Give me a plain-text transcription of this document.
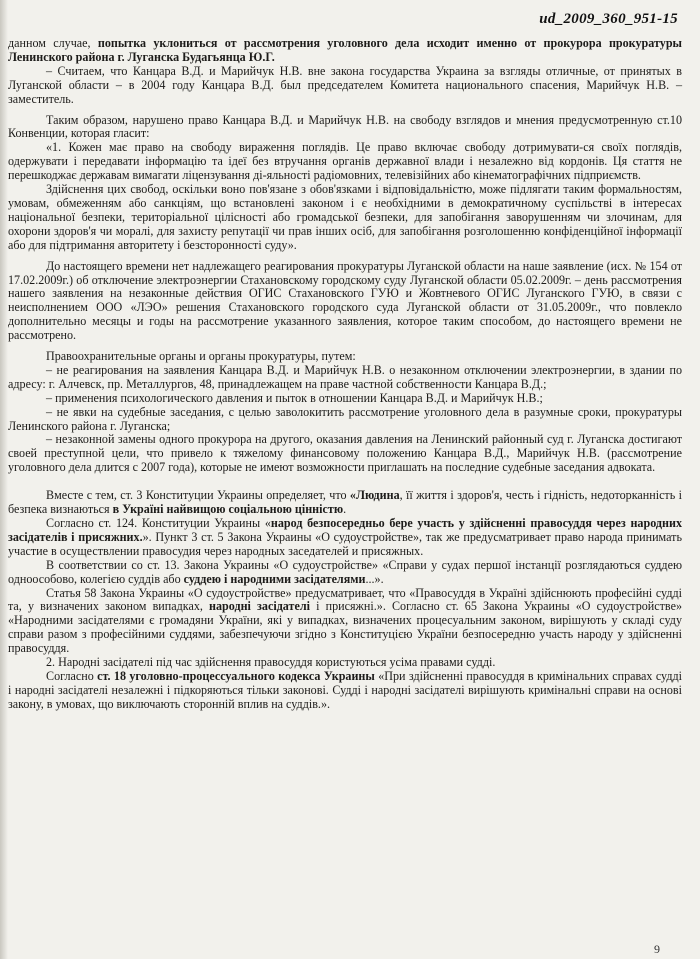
ud_2009_360_951-15

данном случае, попытка уклониться от рассмотрения уголовного дела исходит именно от прокурора прокуратуры Ленинского района г. Луганска Будагьянца Ю.Г.

– Считаем, что Канцара В.Д. и Марийчук Н.В. вне закона государства Украина за взгляды отличные, от принятых в Луганской области – в 2004 году Канцара В.Д. был председателем Комитета национального спасения, Марийчук Н.В. – заместитель.

Таким образом, нарушено право Канцара В.Д. и Марийчук Н.В. на свободу взглядов и мнения предусмотренную ст.10 Конвенции, которая гласит:

«1. Кожен має право на свободу вираження поглядів. Це право включає свободу дотримувати-ся своїх поглядів, одержувати і передавати інформацію та ідеї без втручання органів державної влади і незалежно від кордонів. Ця стаття не перешкоджає державам вимагати ліцензування ді-яльності радіомовних, телевізійних або кінематографічних підприємств.

Здійснення цих свобод, оскільки воно пов'язане з обов'язками і відповідальністю, може підлягати таким формальностям, умовам, обмеженням або санкціям, що встановлені законом і є необхідними в демократичному суспільстві в інтересах національної безпеки, територіальної цілісності або громадської безпеки, для запобігання заворушенням чи злочинам, для охорони здоров'я чи моралі, для захисту репутації чи прав інших осіб, для запобігання розголошенню конфіденційної інформації або для підтримання авторитету і безсторонності суду».

До настоящего времени нет надлежащего реагирования прокуратуры Луганской области на наше заявление (исх. № 154 от 17.02.2009г.) об отключение электроэнергии Стахановскому городскому суду Луганской области 05.02.2009г. – день рассмотрения нашего заявления на незаконные действия ОГИС Стахановского ГУЮ и Жовтневого ОГИС Луганского ГУЮ, в связи с неисполнением ООО «ЛЭО» решения Стахановского городского суда Луганской области от 31.05.2009г., что повлекло дополнительно месяцы и годы на рассмотрение указанного заявления, которое таким способом, до настоящего времени не рассмотрено.

Правоохранительные органы и органы прокуратуры, путем:

– не реагирования на заявления Канцара В.Д. и Марийчук Н.В. о незаконном отключении электроэнергии, в здании по адресу: г. Алчевск, пр. Металлургов, 48, принадлежащем на праве частной собственности Канцара В.Д.;

– применения психологического давления и пыток в отношении Канцара В.Д. и Марийчук Н.В.;

– не явки на судебные заседания, с целью заволокитить рассмотрение уголовного дела в разумные сроки, прокуратуры Ленинского района г. Луганска;

– незаконной замены одного прокурора на другого, оказания давления на Ленинский районный суд г. Луганска достигают своей преступной цели, что привело к тяжелому финансовому положению Канцара В.Д., Марийчук Н.В. (рассмотрение уголовного дела длится с 2007 года), которые не имеют возможности приглашать на последние судебные заседания адвоката.

Вместе с тем, ст. 3 Конституции Украины определяет, что «Людина, її життя і здоров'я, честь і гідність, недоторканність і безпека визнаються в Україні найвищою соціальною цінністю.

Согласно ст. 124. Конституции Украины «народ безпосередньо бере участь у здійсненні правосуддя через народних засідателів і присяжних.». Пункт 3 ст. 5 Закона Украины «О судоустройстве», так же предусматривает право народа принимать участие в осуществлении правосудия через народных заседателей и присяжных.

В соответствии со ст. 13. Закона Украины «О судоустройстве» «Справи у судах першої інстанції розглядаються суддею одноособово, колегією суддів або суддею і народними засідателями...».

Статья 58 Закона Украины «О судоустройстве» предусматривает, что «Правосуддя в Україні здійснюють професійні судді та, у визначених законом випадках, народні засідателі і присяжні.». Согласно ст. 65 Закона Украины «О судоустройстве» «Народними засідателями є громадяни України, які у випадках, визначених процесуальним законом, вирішують у складі суду справи разом з професійними суддями, забезпечуючи згідно з Конституцією України безпосередню участь народу у здійсненні правосуддя.

2. Народні засідателі під час здійснення правосуддя користуються усіма правами судді.

Согласно ст. 18 уголовно-процессуального кодекса Украины «При здійсненні правосуддя в кримінальних справах судді і народні засідателі незалежні і підкоряються тільки законові. Судді і народні засідателі вирішують кримінальні справи на основі закону, в умовах, що виключають сторонній вплив на суддів.».

9
